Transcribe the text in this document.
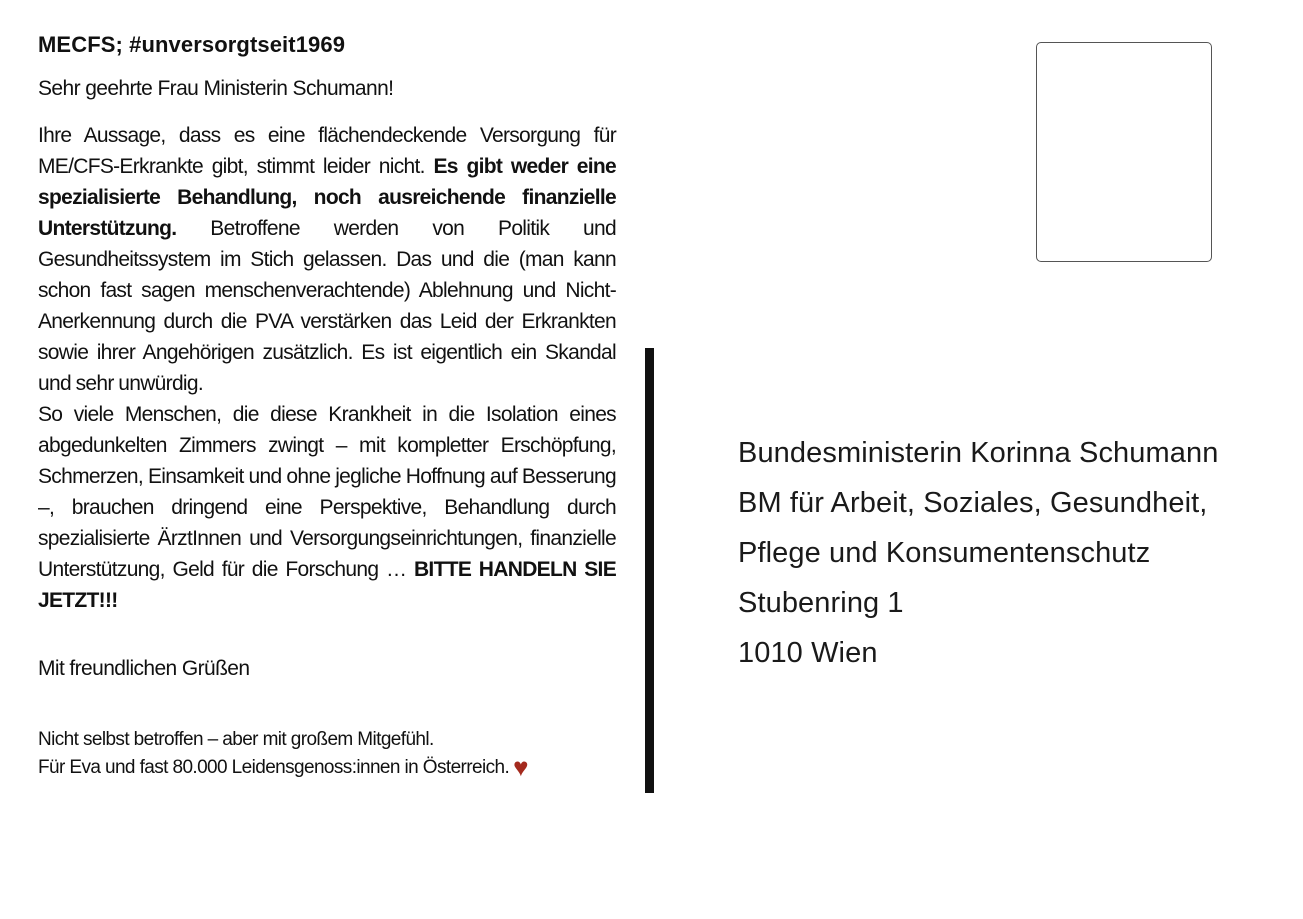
MECFS; #unversorgtseit1969
Sehr geehrte Frau Ministerin Schumann!

Ihre Aussage, dass es eine flächendeckende Versorgung für ME/CFS-Erkrankte gibt, stimmt leider nicht. Es gibt weder eine spezialisierte Behandlung, noch ausreichende finanzielle Unterstützung. Betroffene werden von Politik und Gesundheitssystem im Stich gelassen. Das und die (man kann schon fast sagen menschenverachtende) Ablehnung und Nicht-Anerkennung durch die PVA verstärken das Leid der Erkrankten sowie ihrer Angehörigen zusätzlich. Es ist eigentlich ein Skandal und sehr unwürdig.

So viele Menschen, die diese Krankheit in die Isolation eines abgedunkelten Zimmers zwingt – mit kompletter Erschöpfung, Schmerzen, Einsamkeit und ohne jegliche Hoffnung auf Besserung –, brauchen dringend eine Perspektive, Behandlung durch spezialisierte ÄrztInnen und Versorgungseinrichtungen, finanzielle Unterstützung, Geld für die Forschung … BITTE HANDELN SIE JETZT!!!

Mit freundlichen Grüßen
Nicht selbst betroffen – aber mit großem Mitgefühl.
Für Eva und fast 80.000 Leidensgenoss:innen in Österreich. ♥
Bundesministerin Korinna Schumann
BM für Arbeit, Soziales, Gesundheit,
Pflege und Konsumentenschutz
Stubenring 1
1010 Wien
